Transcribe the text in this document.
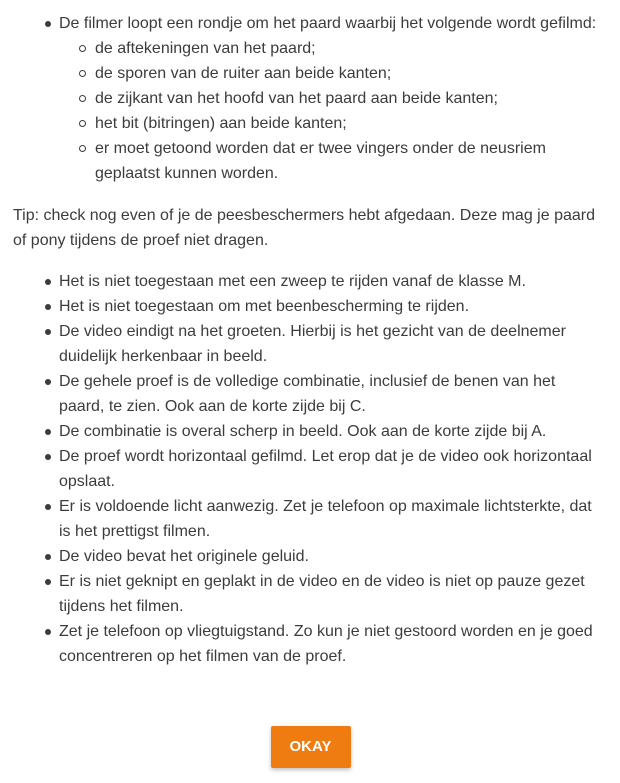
De filmer loopt een rondje om het paard waarbij het volgende wordt gefilmd:
de aftekeningen van het paard;
de sporen van de ruiter aan beide kanten;
de zijkant van het hoofd van het paard aan beide kanten;
het bit (bitringen) aan beide kanten;
er moet getoond worden dat er twee vingers onder de neusriem geplaatst kunnen worden.

Tip: check nog even of je de peesbeschermers hebt afgedaan. Deze mag je paard of pony tijdens de proef niet dragen.

Het is niet toegestaan met een zweep te rijden vanaf de klasse M.
Het is niet toegestaan om met beenbescherming te rijden.
De video eindigt na het groeten. Hierbij is het gezicht van de deelnemer duidelijk herkenbaar in beeld.
De gehele proef is de volledige combinatie, inclusief de benen van het paard, te zien. Ook aan de korte zijde bij C.
De combinatie is overal scherp in beeld. Ook aan de korte zijde bij A.
De proef wordt horizontaal gefilmd. Let erop dat je de video ook horizontaal opslaat.
Er is voldoende licht aanwezig. Zet je telefoon op maximale lichtsterkte, dat is het prettigst filmen.
De video bevat het originele geluid.
Er is niet geknipt en geplakt in de video en de video is niet op pauze gezet tijdens het filmen.
Zet je telefoon op vliegtuigstand. Zo kun je niet gestoord worden en je goed concentreren op het filmen van de proef.
OKAY
